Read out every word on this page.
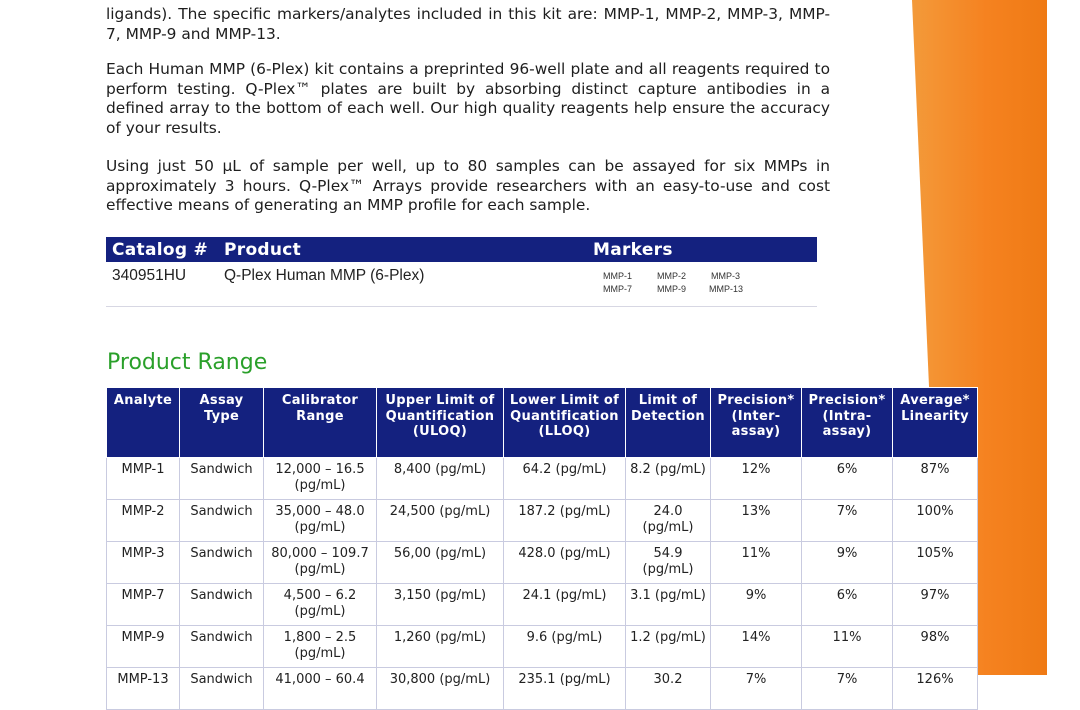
ligands). The specific markers/analytes included in this kit are: MMP-1, MMP-2, MMP-3, MMP-7, MMP-9 and MMP-13.

Each Human MMP (6-Plex) kit contains a preprinted 96-well plate and all reagents required to perform testing. Q-Plex™ plates are built by absorbing distinct capture antibodies in a defined array to the bottom of each well. Our high quality reagents help ensure the accuracy of your results.

Using just 50 µL of sample per well, up to 80 samples can be assayed for six MMPs in approximately 3 hours. Q-Plex™ Arrays provide researchers with an easy-to-use and cost effective means of generating an MMP profile for each sample.

Catalog # Product	Markers
340951HU Q-Plex Human MMP (6-Plex)	MMP-1	MMP-2	MMP-3
MMP-7	MMP-9	MMP-13
Product Range
Analyte	Assay Type	Calibrator Range	Upper Limit of Quantification (ULOQ)	Lower Limit of Quantification (LLOQ)	Limit of Detection	Precision* (Inter-assay)	Precision* (Intra-assay)	Average* Linearity
MMP-1	Sandwich	12,000 – 16.5 (pg/mL)	8,400 (pg/mL)	64.2 (pg/mL)	8.2 (pg/mL)	12%	6%	87%
MMP-2	Sandwich	35,000 – 48.0 (pg/mL)	24,500 (pg/mL)	187.2 (pg/mL)	24.0 (pg/mL)	13%	7%	100%
MMP-3	Sandwich	80,000 – 109.7 (pg/mL)	56,00 (pg/mL)	428.0 (pg/mL)	54.9 (pg/mL)	11%	9%	105%
MMP-7	Sandwich	4,500 – 6.2 (pg/mL)	3,150 (pg/mL)	24.1 (pg/mL)	3.1 (pg/mL)	9%	6%	97%
MMP-9	Sandwich	1,800 – 2.5 (pg/mL)	1,260 (pg/mL)	9.6 (pg/mL)	1.2 (pg/mL)	14%	11%	98%
MMP-13	Sandwich	41,000 – 60.4	30,800 (pg/mL)	235.1 (pg/mL)	30.2	7%	7%	126%
